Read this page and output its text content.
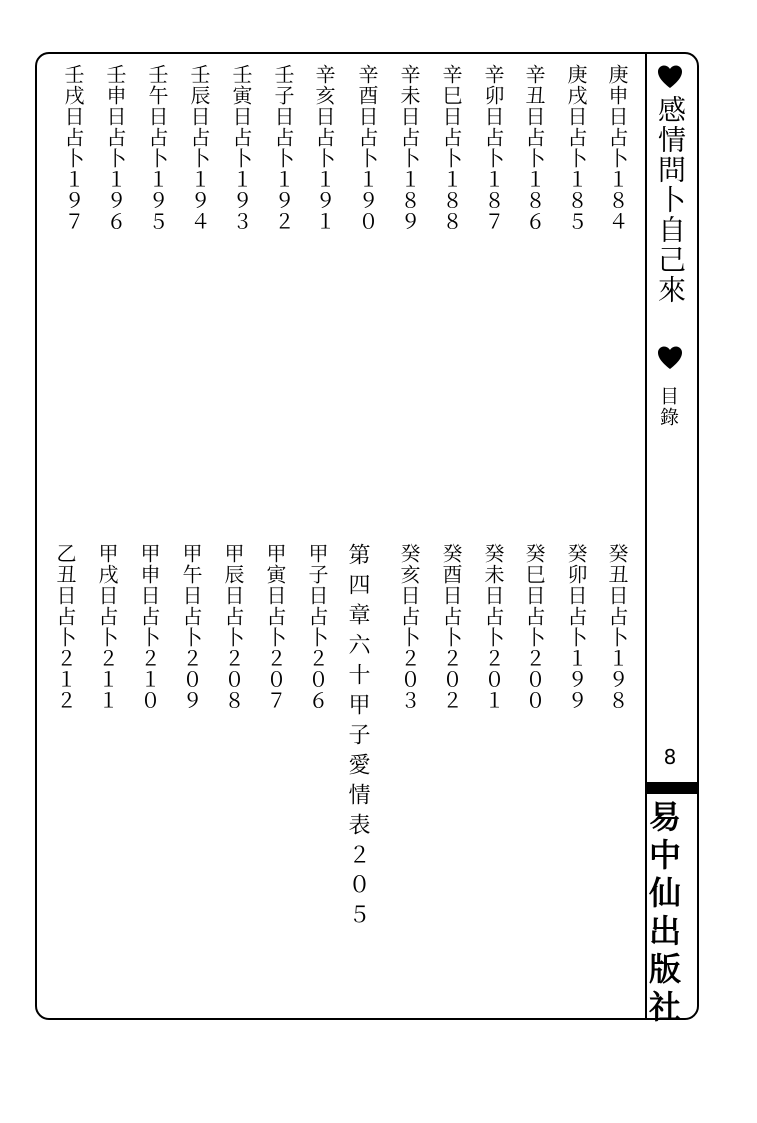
感情問卜自己來
目錄
8
易中仙出版社
庚申日占卜１８４
庚戌日占卜１８５
辛丑日占卜１８６
辛卯日占卜１８７
辛巳日占卜１８８
辛未日占卜１８９
辛酉日占卜１９０
辛亥日占卜１９１
壬子日占卜１９２
壬寅日占卜１９３
壬辰日占卜１９４
壬午日占卜１９５
壬申日占卜１９６
壬戌日占卜１９７
癸丑日占卜１９８
癸卯日占卜１９９
癸巳日占卜２００
癸未日占卜２０１
癸酉日占卜２０２
癸亥日占卜２０３
第四章六十甲子愛情表２０５
甲子日占卜２０６
甲寅日占卜２０７
甲辰日占卜２０８
甲午日占卜２０９
甲申日占卜２１０
甲戌日占卜２１１
乙丑日占卜２１２
